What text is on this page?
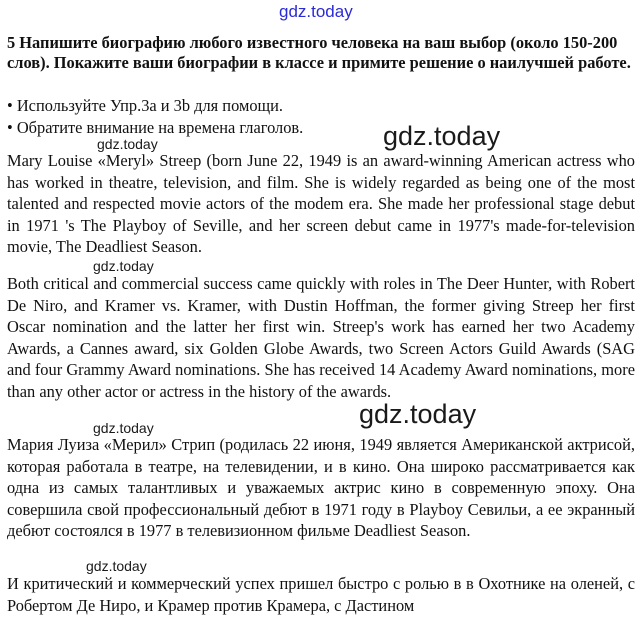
gdz.today

5 Напишите биографию любого известного человека на ваш выбор (около 150-200 слов). Покажите ваши биографии в классе и примите решение о наилучшей работе.

• Используйте Упр.3а и 3b для помощи.
• Обратите внимание на времена глаголов.	gdz.today
gdz.today

Mary Louise «Meryl» Streep (born June 22, 1949 is an award-winning American actress who has worked in theatre, television, and film. She is widely regarded as being one of the most talented and respected movie actors of the modem era. She made her professional stage debut in 1971 's The Playboy of Seville, and her screen debut came in 1977's made-for-television movie, The Deadliest Season.

gdz.today

Both critical and commercial success came quickly with roles in The Deer Hunter, with Robert De Niro, and Kramer vs. Kramer, with Dustin Hoffman, the former giving Streep her first Oscar nomination and the latter her first win. Streep's work has earned her two Academy Awards, a Cannes award, six Golden Globe Awards, two Screen Actors Guild Awards (SAG and four Grammy Award nominations. She has received 14 Academy Award nominations, more than any other actor or actress in the history of the awards.

gdz.today
gdz.today

Мария Луиза «Мерил» Стрип (родилась 22 июня, 1949 является Американской актрисой, которая работала в театре, на телевидении, и в кино. Она широко рассматривается как одна из самых талантливых и уважаемых актрис кино в современную эпоху. Она совершила свой профессиональный дебют в 1971 году в Playboy Севильи, а ее экранный дебют состоялся в 1977 в телевизионном фильме Deadliest Season.

gdz.today

И критический и коммерческий успех пришел быстро с ролью в в Охотнике на оленей, с Робертом Де Ниро, и Крамер против Крамера, с Дастином
